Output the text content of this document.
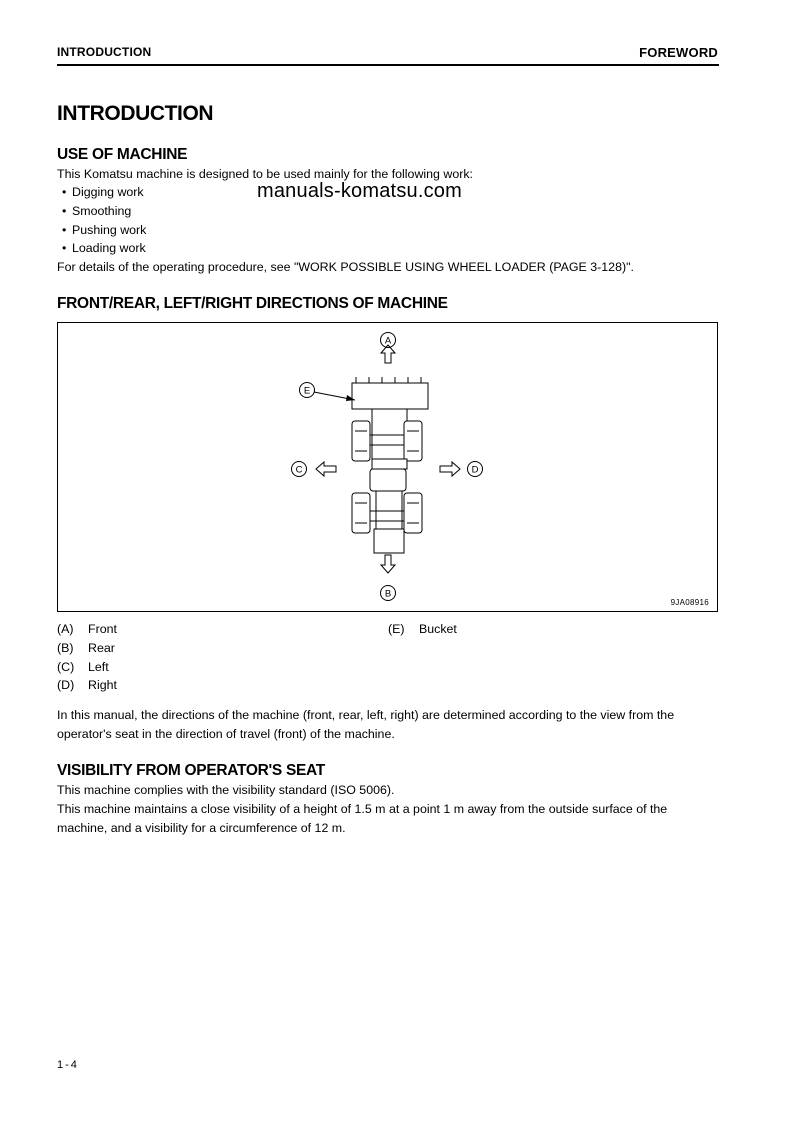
INTRODUCTION	FOREWORD
INTRODUCTION
USE OF MACHINE
This Komatsu machine is designed to be used mainly for the following work:
• Digging work
• Smoothing
• Pushing work
• Loading work
manuals-komatsu.com
For details of the operating procedure, see "WORK POSSIBLE USING WHEEL LOADER (PAGE 3-128)".
FRONT/REAR, LEFT/RIGHT DIRECTIONS OF MACHINE
A
B
C	D
E
9JA08916
(A) Front
(B) Rear
(C) Left
(D) Right
(E) Bucket
In this manual, the directions of the machine (front, rear, left, right) are determined according to the view from the
operator's seat in the direction of travel (front) of the machine.
VISIBILITY FROM OPERATOR'S SEAT
This machine complies with the visibility standard (ISO 5006).
This machine maintains a close visibility of a height of 1.5 m at a point 1 m away from the outside surface of the
machine, and a visibility for a circumference of 12 m.
1-4
